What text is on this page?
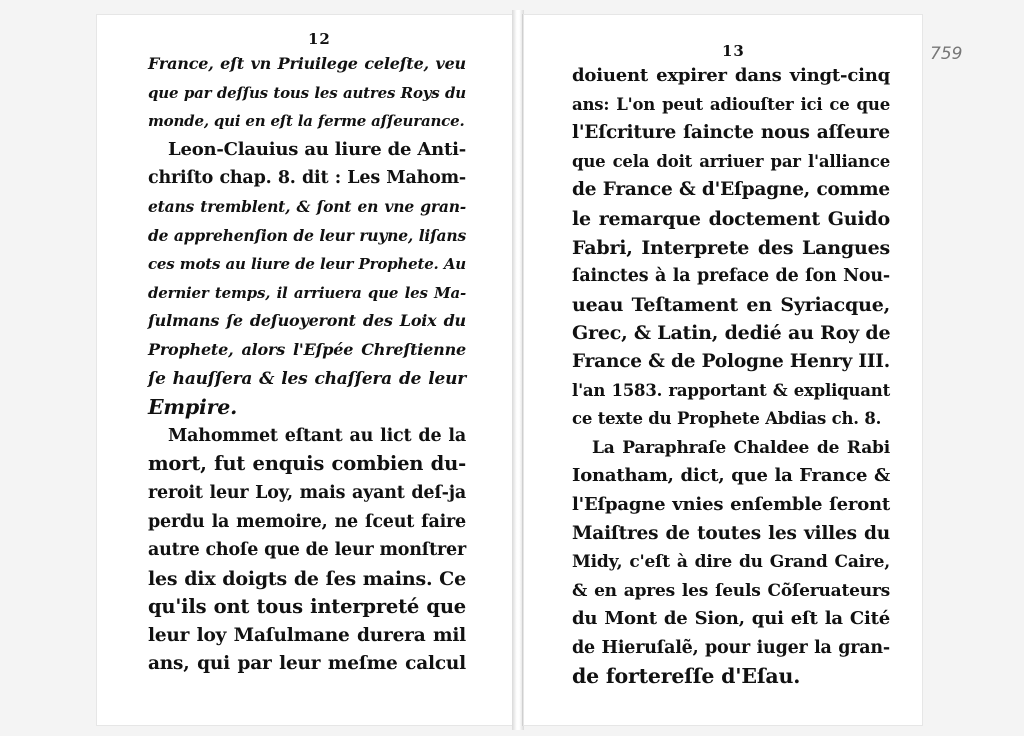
12
13	759
France, eſt vn Priuilege celeſte, veu
que par deſſus tous les autres Roys du
monde, qui en eſt la ferme aſſeurance.
Leon-Clauius au liure de Anti-
chriſto chap. 8. dit : Les Mahom-
etans tremblent, & ſont en vne gran-
de apprehenſion de leur ruyne, liſans
ces mots au liure de leur Prophete. Au
dernier temps, il arriuera que les Ma-
ſulmans ſe deſuoyeront des Loix du
Prophete, alors l'Eſpée Chreſtienne
ſe hauſſera & les chaſſera de leur
Empire.
Mahommet eſtant au lict de la
mort, fut enquis combien du-
reroit leur Loy, mais ayant deſ-ja
perdu la memoire, ne ſceut faire
autre choſe que de leur monſtrer
les dix doigts de ſes mains. Ce
qu'ils ont tous interpreté que
leur loy Maſulmane durera mil
ans, qui par leur meſme calcul
doiuent expirer dans vingt-cinq
ans: L'on peut adiouſter ici ce que
l'Eſcriture ſaincte nous aſſeure
que cela doit arriuer par l'alliance
de France & d'Eſpagne, comme
le remarque doctement Guido
Fabri, Interprete des Langues
ſainctes à la preface de ſon Nou-
ueau Teſtament en Syriacque,
Grec, & Latin, dedié au Roy de
France & de Pologne Henry III.
l'an 1583. rapportant & expliquant
ce texte du Prophete Abdias ch. 8.
La Paraphraſe Chaldee de Rabi
Ionatham, dict, que la France &
l'Eſpagne vnies enſemble ſeront
Maiſtres de toutes les villes du
Midy, c'eſt à dire du Grand Caire,
& en apres les ſeuls Cõſeruateurs
du Mont de Sion, qui eſt la Cité
de Hieruſalẽ, pour iuger la gran-
de fortereſſe d'Eſau.
